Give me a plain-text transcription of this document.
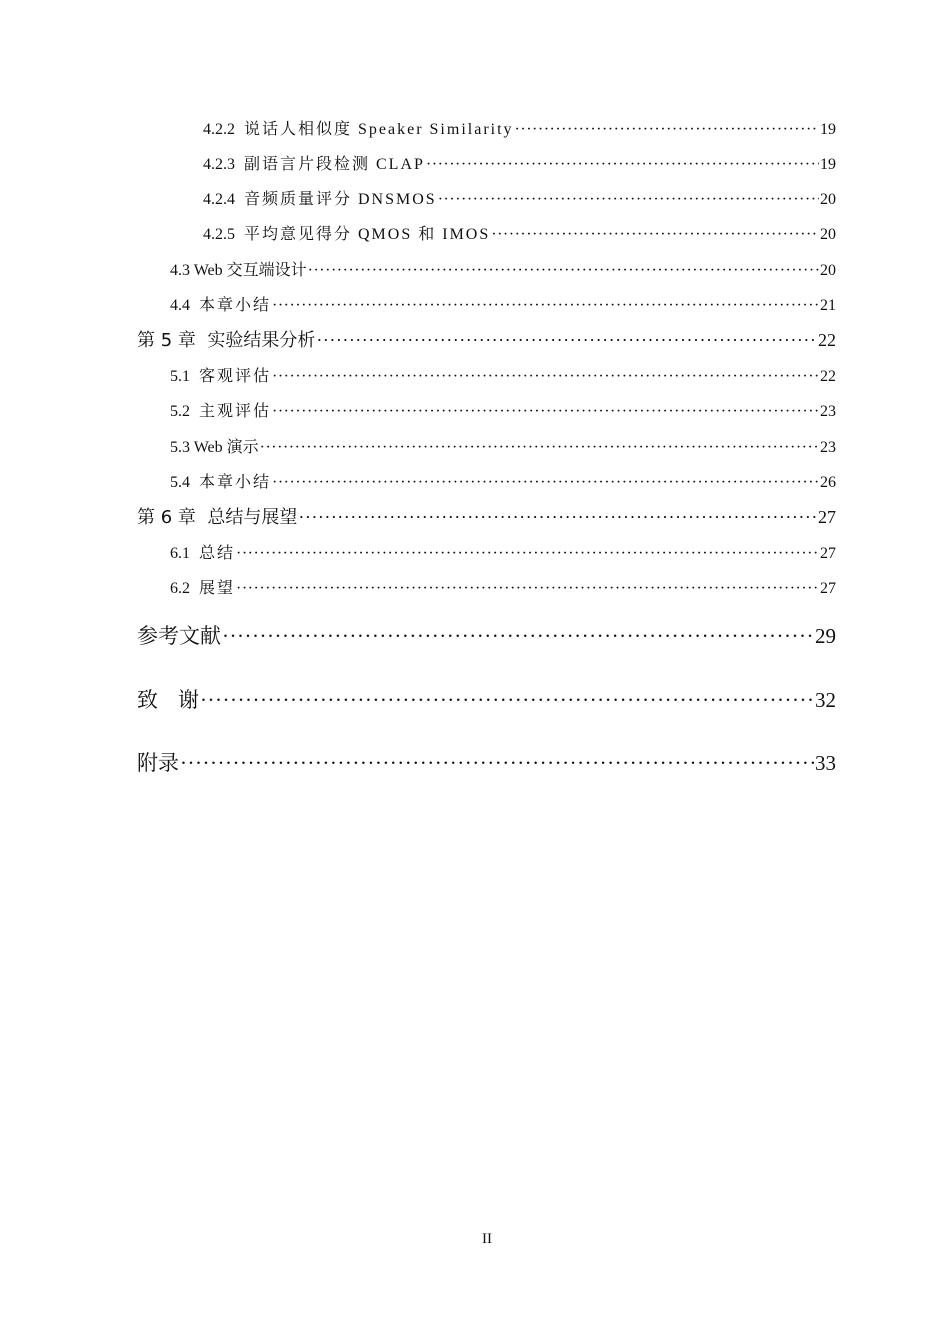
4.2.2 说话人相似度 Speaker Similarity ·····	19
4.2.3 副语言片段检测 CLAP ·····	19
4.2.4 音频质量评分 DNSMOS ·····	20
4.2.5 平均意见得分 QMOS 和 IMOS ·····	20
4.3 Web 交互端设计 ·····	20
4.4 本章小结 ·····	21
第 5 章  实验结果分析 ·····	22
5.1 客观评估 ·····	22
5.2 主观评估 ·····	23
5.3 Web 演示 ·····	23
5.4 本章小结 ·····	26
第 6 章  总结与展望 ·····	27
6.1 总结 ·····	27
6.2 展望 ·····	27
参考文献 ·····	29
致   谢 ·····	32
附录 ·····	33
II
